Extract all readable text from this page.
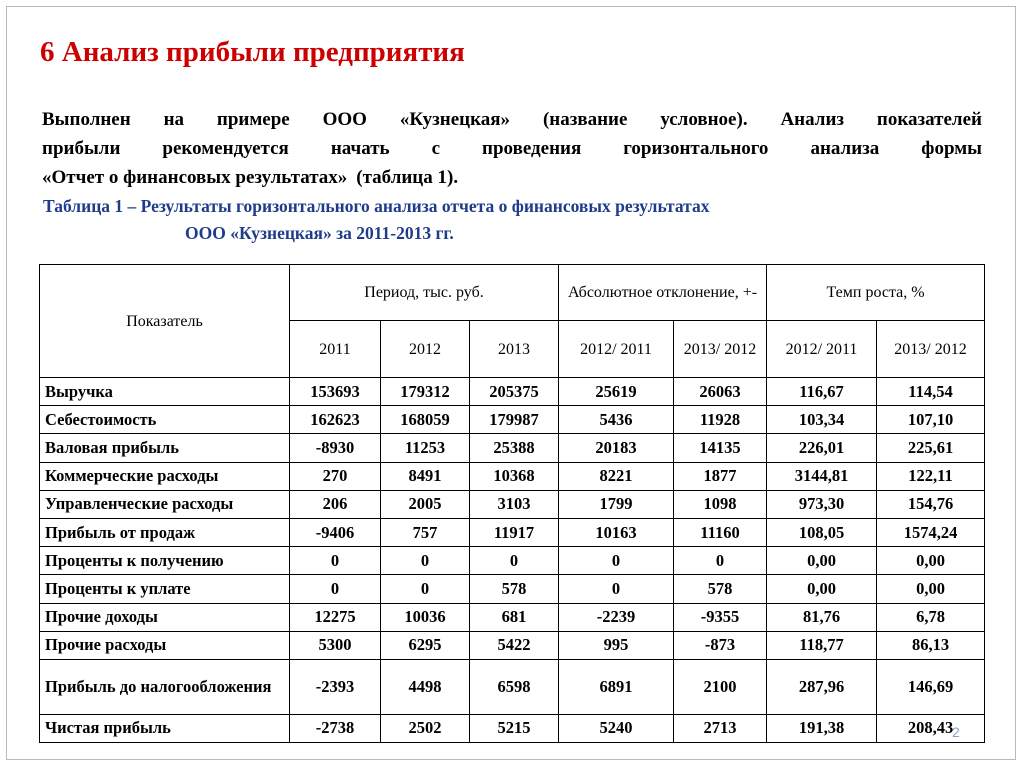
6 Анализ прибыли предприятия
Выполнен на примере ООО «Кузнецкая» (название условное). Анализ показателей
прибыли рекомендуется начать с проведения горизонтального анализа формы
«Отчет о финансовых результатах» (таблица 1).
Таблица 1 – Результаты горизонтального анализа отчета о финансовых результатах
ООО «Кузнецкая» за 2011-2013 гг.
Показатель	Период, тыс. руб.			Абсолютное отклонение, +-		Темп роста, %	
	2011	2012	2013	2012/ 2011	2013/ 2012	2012/ 2011	2013/ 2012
Выручка	153693	179312	205375	25619	26063	116,67	114,54
Себестоимость	162623	168059	179987	5436	11928	103,34	107,10
Валовая прибыль	-8930	11253	25388	20183	14135	226,01	225,61
Коммерческие расходы	270	8491	10368	8221	1877	3144,81	122,11
Управленческие расходы	206	2005	3103	1799	1098	973,30	154,76
Прибыль от продаж	-9406	757	11917	10163	11160	108,05	1574,24
Проценты к получению	0	0	0	0	0	0,00	0,00
Проценты к уплате	0	0	578	0	578	0,00	0,00
Прочие доходы	12275	10036	681	-2239	-9355	81,76	6,78
Прочие расходы	5300	6295	5422	995	-873	118,77	86,13
Прибыль до налогообложения	-2393	4498	6598	6891	2100	287,96	146,69
Чистая прибыль	-2738	2502	5215	5240	2713	191,38	208,43
2
